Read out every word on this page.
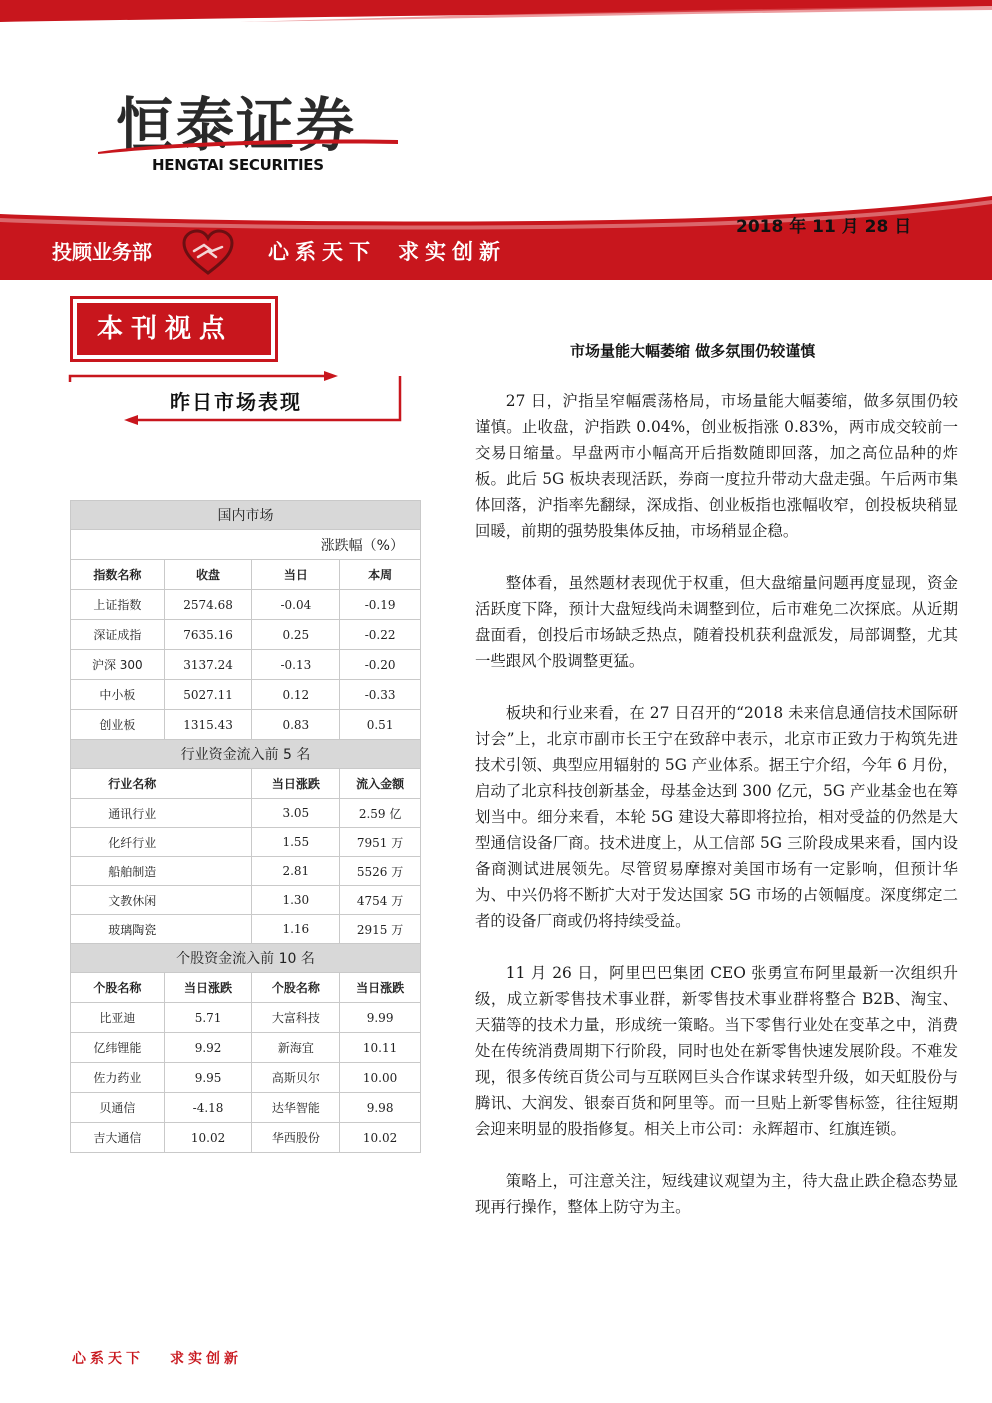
恒泰证券
HENGTAI SECURITIES
2018 年 11 月 28 日
投顾业务部	心系天下 求实创新
本刊视点
昨日市场表现
国内市场			
涨跌幅（%）			
指数名称	收盘	当日	本周
上证指数	2574.68	-0.04	-0.19
深证成指	7635.16	0.25	-0.22
沪深 300	3137.24	-0.13	-0.20
中小板	5027.11	0.12	-0.33
创业板	1315.43	0.83	0.51
行业资金流入前 5 名			
行业名称		当日涨跌	流入金额
通讯行业		3.05	2.59 亿
化纤行业		1.55	7951 万
船舶制造		2.81	5526 万
文教休闲		1.30	4754 万
玻璃陶瓷		1.16	2915 万
个股资金流入前 10 名			
个股名称	当日涨跌	个股名称	当日涨跌
比亚迪	5.71	大富科技	9.99
亿纬锂能	9.92	新海宜	10.11
佐力药业	9.95	高斯贝尔	10.00
贝通信	-4.18	达华智能	9.98
吉大通信	10.02	华西股份	10.02
市场量能大幅萎缩 做多氛围仍较谨慎

27 日，沪指呈窄幅震荡格局，市场量能大幅萎缩，做多氛围仍较谨慎。止收盘，沪指跌 0.04%，创业板指涨 0.83%，两市成交较前一交易日缩量。早盘两市小幅高开后指数随即回落，加之高位品种的炸板。此后 5G 板块表现活跃，券商一度拉升带动大盘走强。午后两市集体回落，沪指率先翻绿，深成指、创业板指也涨幅收窄，创投板块稍显回暖，前期的强势股集体反抽，市场稍显企稳。

整体看，虽然题材表现优于权重，但大盘缩量问题再度显现，资金活跃度下降，预计大盘短线尚未调整到位，后市难免二次探底。从近期盘面看，创投后市场缺乏热点，随着投机获利盘派发，局部调整，尤其一些跟风个股调整更猛。

板块和行业来看，在 27 日召开的“2018 未来信息通信技术国际研讨会”上，北京市副市长王宁在致辞中表示，北京市正致力于构筑先进技术引领、典型应用辐射的 5G 产业体系。据王宁介绍，今年 6 月份，启动了北京科技创新基金，母基金达到 300 亿元，5G 产业基金也在筹划当中。细分来看，本轮 5G 建设大幕即将拉抬，相对受益的仍然是大型通信设备厂商。技术进度上，从工信部 5G 三阶段成果来看，国内设备商测试进展领先。尽管贸易摩擦对美国市场有一定影响，但预计华为、中兴仍将不断扩大对于发达国家 5G 市场的占领幅度。深度绑定二者的设备厂商或仍将持续受益。

11 月 26 日，阿里巴巴集团 CEO 张勇宣布阿里最新一次组织升级，成立新零售技术事业群，新零售技术事业群将整合 B2B、淘宝、天猫等的技术力量，形成统一策略。当下零售行业处在变革之中，消费处在传统消费周期下行阶段，同时也处在新零售快速发展阶段。不难发现，很多传统百货公司与互联网巨头合作谋求转型升级，如天虹股份与腾讯、大润发、银泰百货和阿里等。而一旦贴上新零售标签，往往短期会迎来明显的股指修复。相关上市公司：永辉超市、红旗连锁。

策略上，可注意关注，短线建议观望为主，待大盘止跌企稳态势显现再行操作，整体上防守为主。

心系天下 求实创新
